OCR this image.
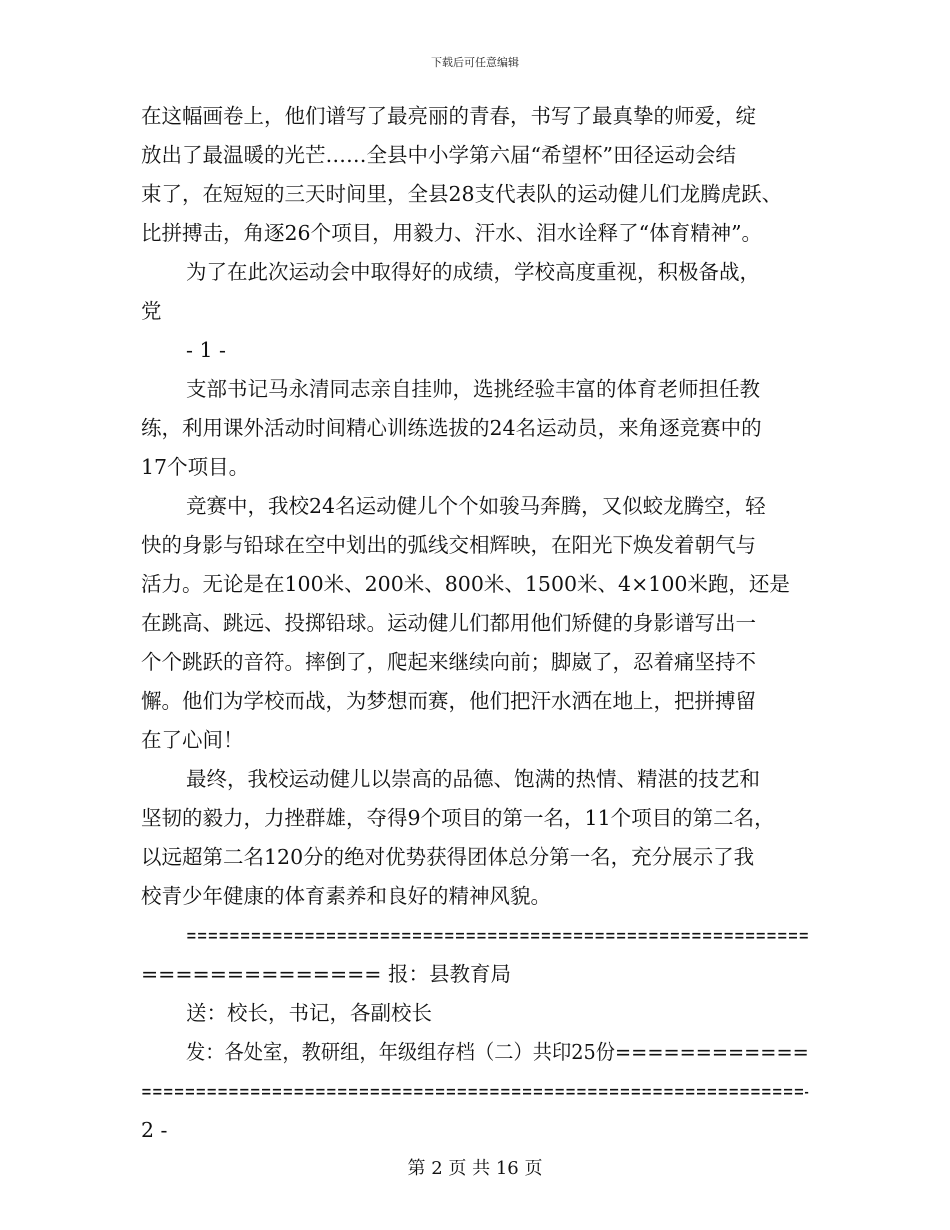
下载后可任意编辑
在这幅画卷上，他们谱写了最亮丽的青春，书写了最真挚的师爱，绽
放出了最温暖的光芒……全县中小学第六届“希望杯”田径运动会结
束了，在短短的三天时间里，全县28支代表队的运动健儿们龙腾虎跃、
比拼搏击，角逐26个项目，用毅力、汗水、泪水诠释了“体育精神”。
为了在此次运动会中取得好的成绩，学校高度重视，积极备战，
党
- 1 -
支部书记马永清同志亲自挂帅，选挑经验丰富的体育老师担任教
练，利用课外活动时间精心训练选拔的24名运动员，来角逐竞赛中的
17个项目。
竞赛中，我校24名运动健儿个个如骏马奔腾，又似蛟龙腾空，轻
快的身影与铅球在空中划出的弧线交相辉映，在阳光下焕发着朝气与
活力。无论是在100米、200米、800米、1500米、4×100米跑，还是
在跳高、跳远、投掷铅球。运动健儿们都用他们矫健的身影谱写出一
个个跳跃的音符。摔倒了，爬起来继续向前；脚崴了，忍着痛坚持不
懈。他们为学校而战，为梦想而赛，他们把汗水洒在地上，把拼搏留
在了心间！
最终，我校运动健儿以崇高的品德、饱满的热情、精湛的技艺和
坚韧的毅力，力挫群雄，夺得9个项目的第一名，11个项目的第二名，
以远超第二名120分的绝对优势获得团体总分第一名，充分展示了我
校青少年健康的体育素养和良好的精神风貌。
==========================================================
============== 报：县教育局
送：校长，书记，各副校长
发：各处室，教研组，年级组存档（二）共印25份============
=============================================================-
2 -
第 2 页 共 16 页
